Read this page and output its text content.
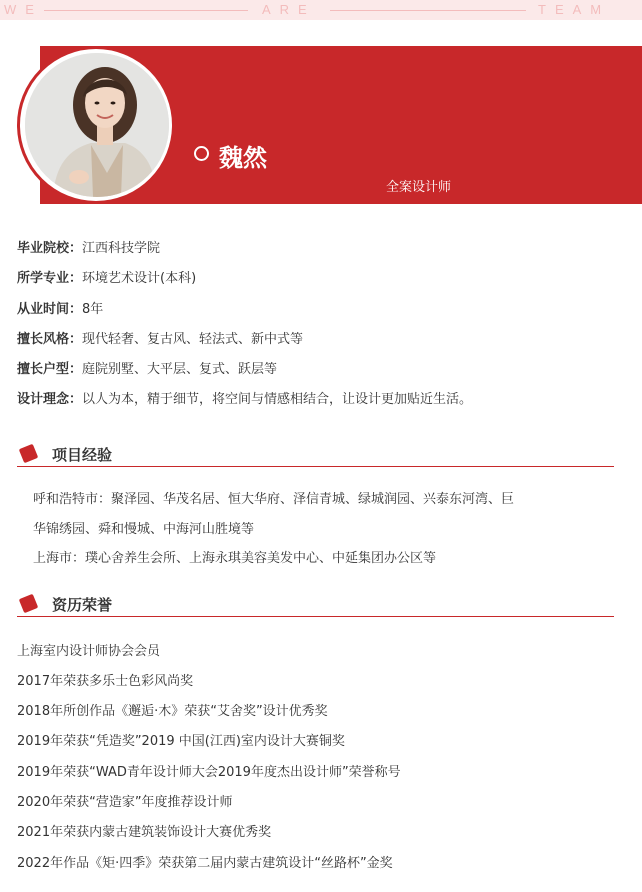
WE	ARE	TEAM
魏然
全案设计师
毕业院校：江西科技学院
所学专业：环境艺术设计(本科)
从业时间：8年
擅长风格：现代轻奢、复古风、轻法式、新中式等
擅长户型：庭院别墅、大平层、复式、跃层等
设计理念：以人为本，精于细节，将空间与情感相结合，让设计更加贴近生活。
项目经验
呼和浩特市：聚泽园、华茂名居、恒大华府、泽信青城、绿城润园、兴泰东河湾、巨
华锦绣园、舜和慢城、中海河山胜境等
上海市：璞心舍养生会所、上海永琪美容美发中心、中延集团办公区等
资历荣誉
上海室内设计师协会会员
2017年荣获多乐士色彩风尚奖
2018年所创作品《邂逅·木》荣获“艾舍奖”设计优秀奖
2019年荣获“凭造奖”2019 中国(江西)室内设计大赛铜奖
2019年荣获“WAD青年设计师大会2019年度杰出设计师”荣誉称号
2020年荣获“营造家”年度推荐设计师
2021年荣获内蒙古建筑装饰设计大赛优秀奖
2022年作品《矩·四季》荣获第二届内蒙古建筑设计“丝路杯”金奖
